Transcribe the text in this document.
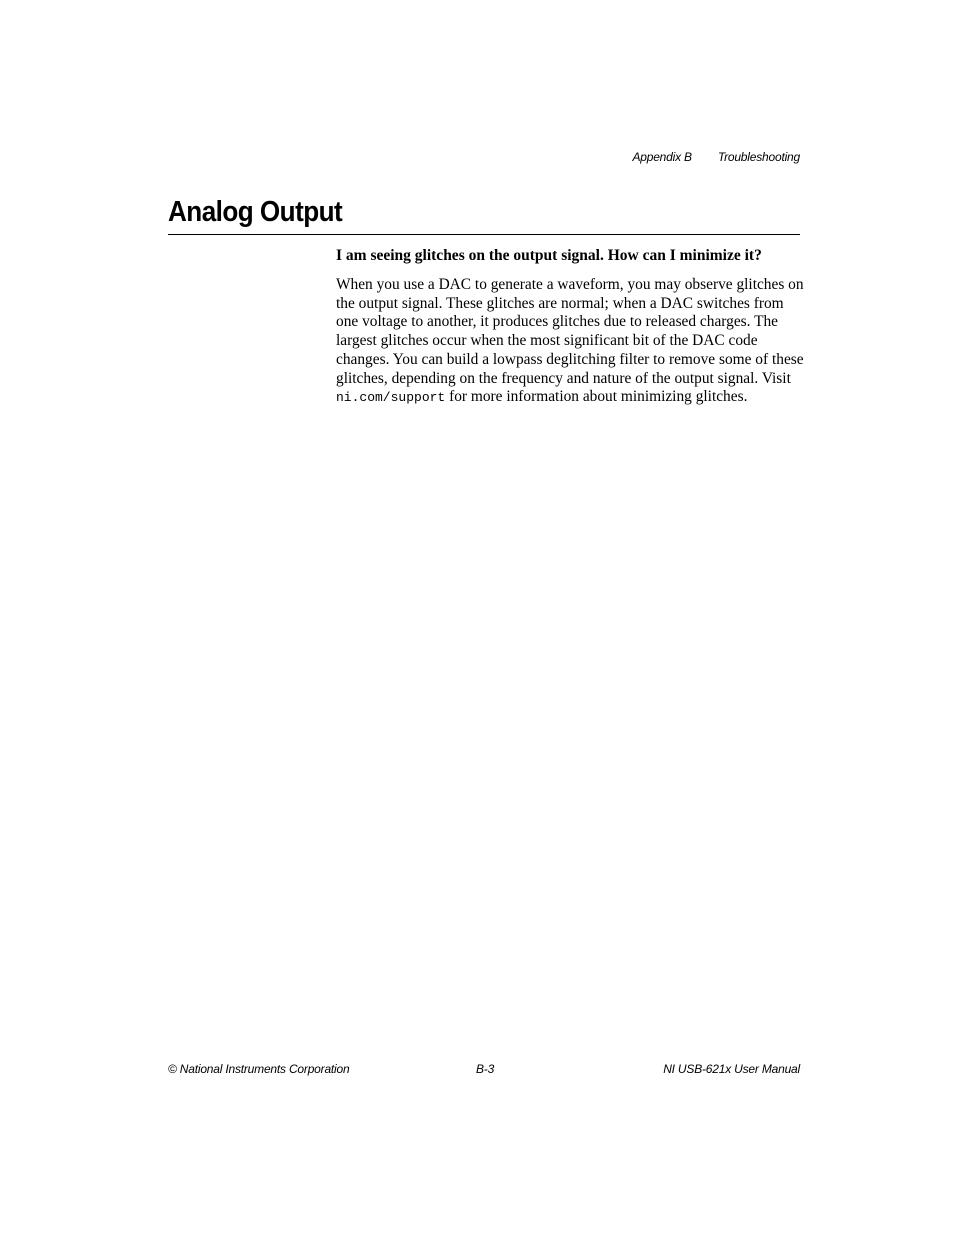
Appendix B Troubleshooting
Analog Output

I am seeing glitches on the output signal. How can I minimize it?

When you use a DAC to generate a waveform, you may observe glitches on
the output signal. These glitches are normal; when a DAC switches from
one voltage to another, it produces glitches due to released charges. The
largest glitches occur when the most significant bit of the DAC code
changes. You can build a lowpass deglitching filter to remove some of these
glitches, depending on the frequency and nature of the output signal. Visit
ni.com/support for more information about minimizing glitches.

© National Instruments Corporation	B-3	NI USB-621x User Manual
